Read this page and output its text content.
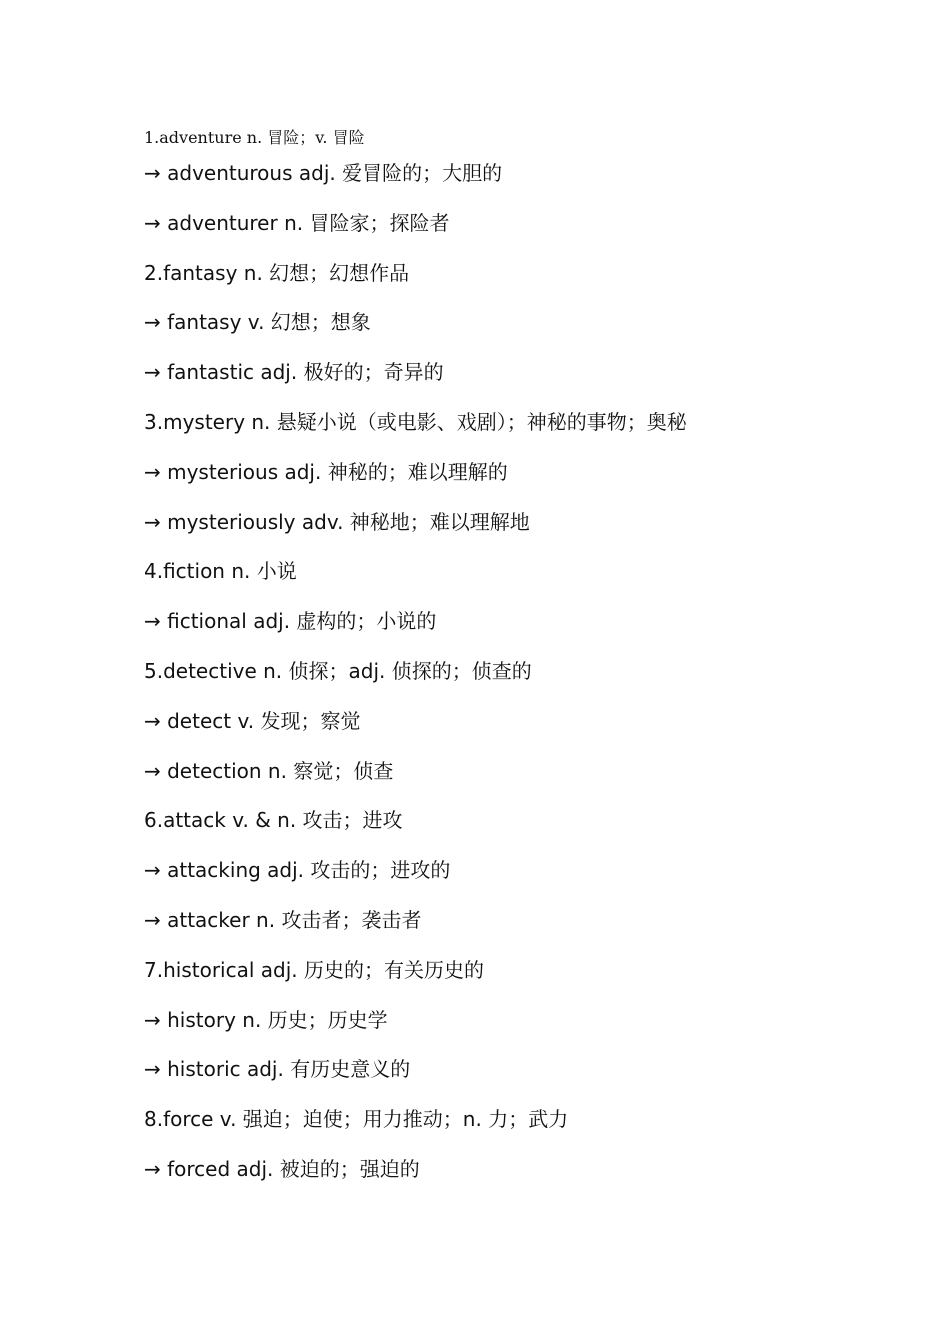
1.adventure n. 冒险；v. 冒险
→ adventurous adj. 爱冒险的；大胆的
→ adventurer n. 冒险家；探险者
2.fantasy n. 幻想；幻想作品
→ fantasy v. 幻想；想象
→ fantastic adj. 极好的；奇异的
3.mystery n. 悬疑小说（或电影、戏剧）；神秘的事物；奥秘
→ mysterious adj. 神秘的；难以理解的
→ mysteriously adv. 神秘地；难以理解地
4.fiction n. 小说
→ fictional adj. 虚构的；小说的
5.detective n. 侦探；adj. 侦探的；侦查的
→ detect v. 发现；察觉
→ detection n. 察觉；侦查
6.attack v. & n. 攻击；进攻
→ attacking adj. 攻击的；进攻的
→ attacker n. 攻击者；袭击者
7.historical adj. 历史的；有关历史的
→ history n. 历史；历史学
→ historic adj. 有历史意义的
8.force v. 强迫；迫使；用力推动；n. 力；武力
→ forced adj. 被迫的；强迫的
